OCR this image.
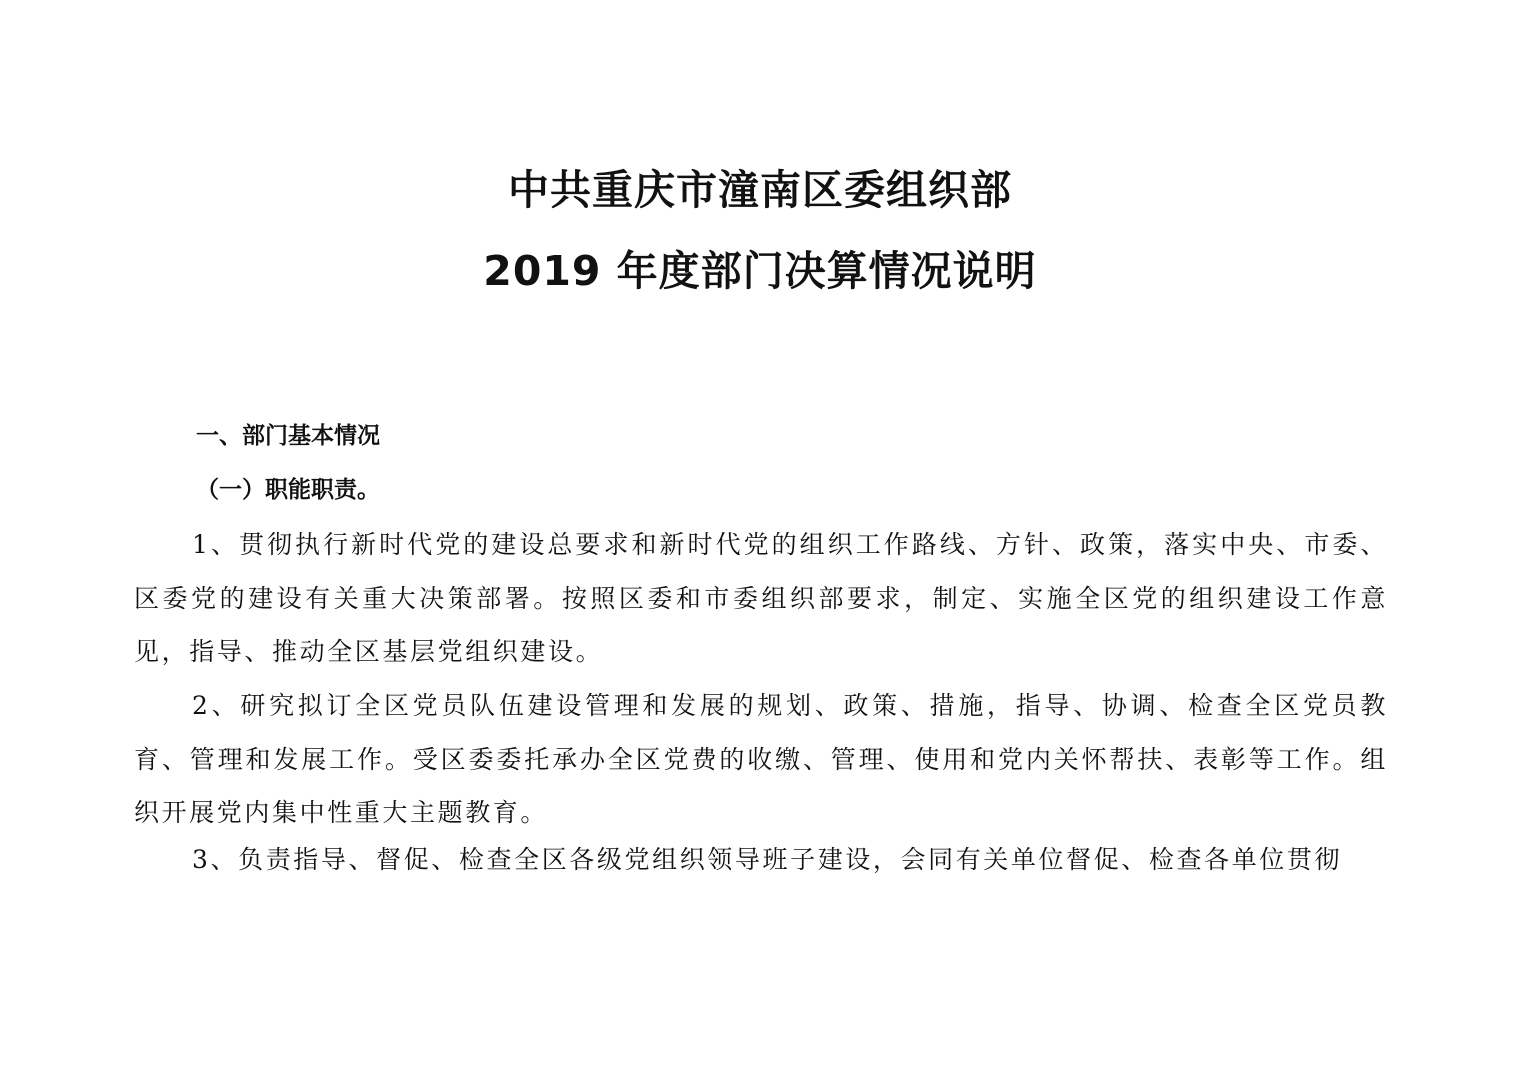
中共重庆市潼南区委组织部
2019 年度部门决算情况说明
一、部门基本情况
（一）职能职责。

1、贯彻执行新时代党的建设总要求和新时代党的组织工作路线、方针、政策，落实中央、市委、区委党的建设有关重大决策部署。按照区委和市委组织部要求，制定、实施全区党的组织建设工作意见，指导、推动全区基层党组织建设。

2、研究拟订全区党员队伍建设管理和发展的规划、政策、措施，指导、协调、检查全区党员教育、管理和发展工作。受区委委托承办全区党费的收缴、管理、使用和党内关怀帮扶、表彰等工作。组织开展党内集中性重大主题教育。

3、负责指导、督促、检查全区各级党组织领导班子建设，会同有关单位督促、检查各单位贯彻
